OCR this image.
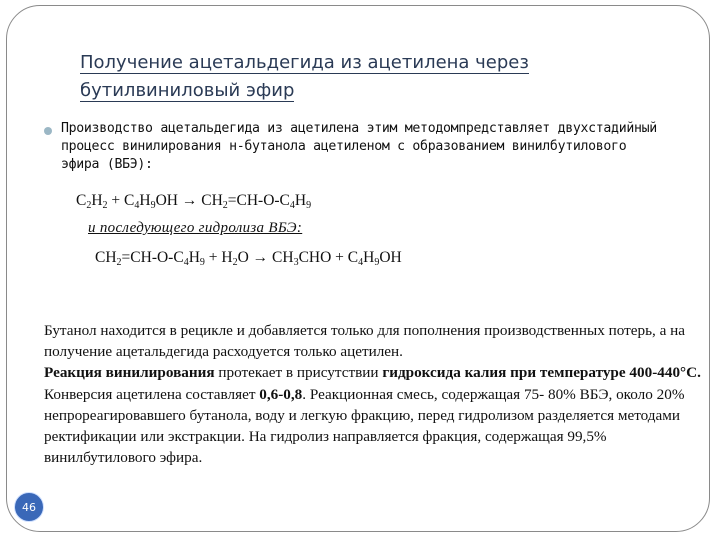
Получение ацетальдегида из ацетилена через
бутилвиниловый эфир
Производство ацетальдегида из ацетилена этим методомпредставляет двухстадийный процесс винилирования н-бутанола ацетиленом с образованием винилбутилового эфира (ВБЭ):
$C_2H_2 + C_4H_9OH \to CH_2=CH-O-C_4H_9$
и последующего гидролиза ВБЭ:
$CH_2=CH-O-C_4H_9 + H_2O \to CH_3CHO + C_4H_9OH$
Бутанол находится в рецикле и добавляется только для пополнения производственных потерь, а на получение ацетальдегида расходуется только ацетилен.
Реакция винилирования протекает в присутствии гидроксида калия при температуре 400-440°С. Конверсия ацетилена составляет 0,6-0,8. Реакционная смесь, содержащая 75- 80% ВБЭ, около 20% непрореагировавшего бутанола, воду и легкую фракцию, перед гидролизом разделяется методами ректификации или экстракции. На гидролиз направляется фракция, содержащая 99,5% винилбутилового эфира.
46
